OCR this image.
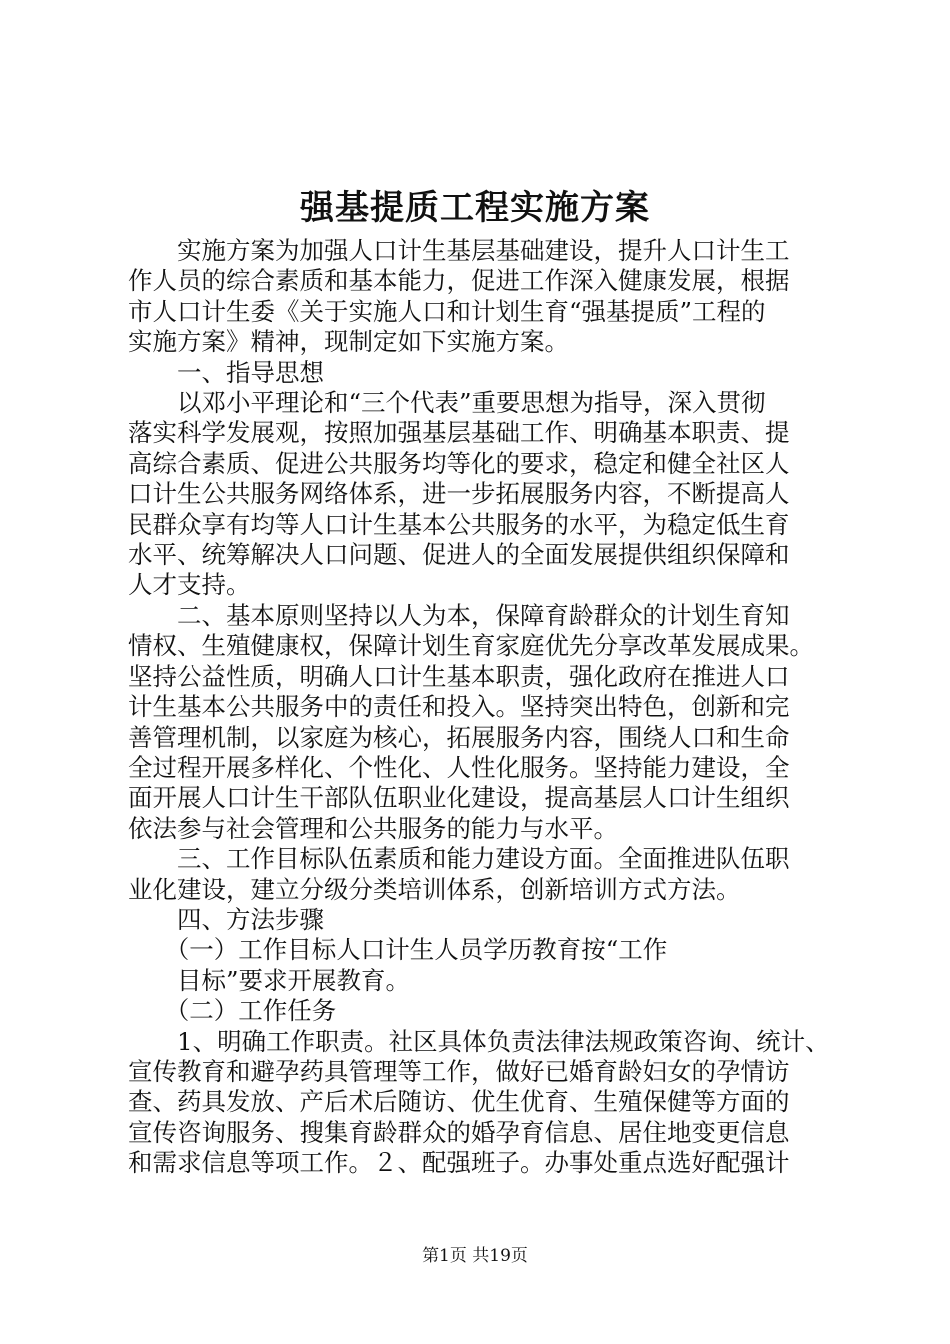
强基提质工程实施方案

　　实施方案为加强人口计生基层基础建设，提升人口计生工

作人员的综合素质和基本能力，促进工作深入健康发展，根据

市人口计生委《关于实施人口和计划生育“强基提质”工程的

实施方案》精神，现制定如下实施方案。

　　一、指导思想

　　以邓小平理论和“三个代表”重要思想为指导，深入贯彻

落实科学发展观，按照加强基层基础工作、明确基本职责、提

高综合素质、促进公共服务均等化的要求，稳定和健全社区人

口计生公共服务网络体系，进一步拓展服务内容，不断提高人

民群众享有均等人口计生基本公共服务的水平，为稳定低生育

水平、统筹解决人口问题、促进人的全面发展提供组织保障和

人才支持。

　　二、基本原则坚持以人为本，保障育龄群众的计划生育知

情权、生殖健康权，保障计划生育家庭优先分享改革发展成果。

坚持公益性质，明确人口计生基本职责，强化政府在推进人口

计生基本公共服务中的责任和投入。坚持突出特色，创新和完

善管理机制，以家庭为核心，拓展服务内容，围绕人口和生命

全过程开展多样化、个性化、人性化服务。坚持能力建设，全

面开展人口计生干部队伍职业化建设，提高基层人口计生组织

依法参与社会管理和公共服务的能力与水平。

　　三、工作目标队伍素质和能力建设方面。全面推进队伍职

业化建设，建立分级分类培训体系，创新培训方式方法。

　　四、方法步骤

　　（一）工作目标人口计生人员学历教育按“工作

　　目标”要求开展教育。

　　（二）工作任务

　　1、明确工作职责。社区具体负责法律法规政策咨询、统计、

宣传教育和避孕药具管理等工作，做好已婚育龄妇女的孕情访

查、药具发放、产后术后随访、优生优育、生殖保健等方面的

宣传咨询服务、搜集育龄群众的婚孕育信息、居住地变更信息

和需求信息等项工作。２、配强班子。办事处重点选好配强计

第1页 共19页
